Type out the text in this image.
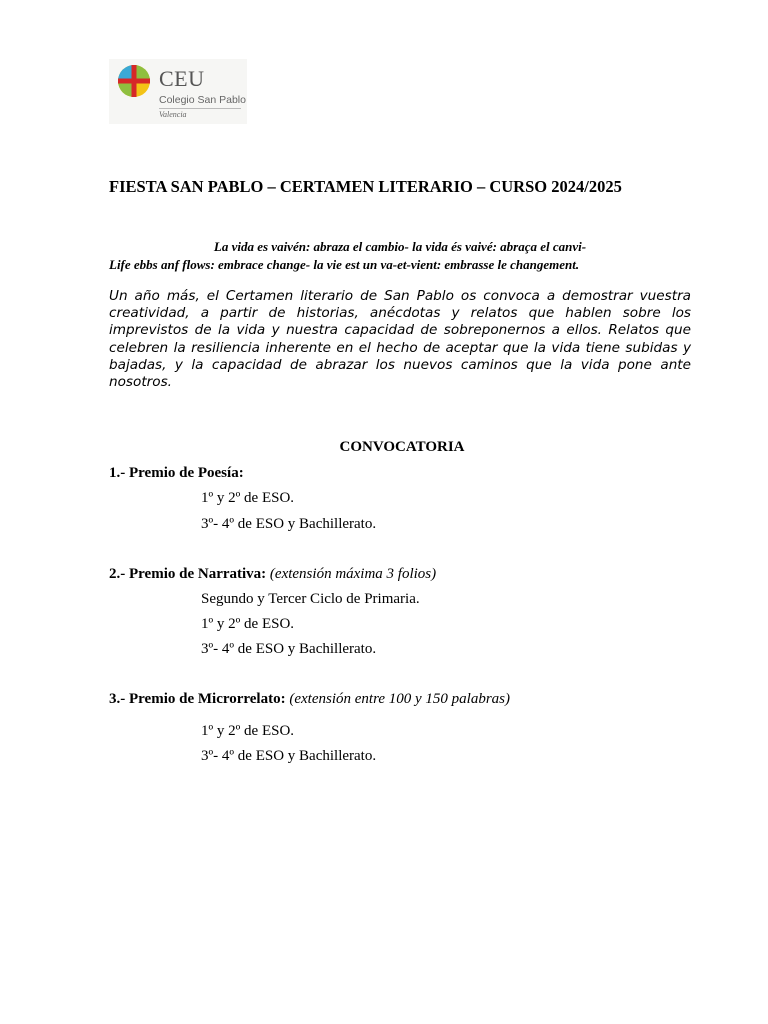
CEU
Colegio San Pablo
Valencia
FIESTA SAN PABLO – CERTAMEN LITERARIO – CURSO 2024/2025
La vida es vaivén: abraza el cambio- la vida és vaivé: abraça el canvi-
Life ebbs anf flows: embrace change- la vie est un va-et-vient: embrasse le changement.

Un año más, el Certamen literario de San Pablo os convoca a demostrar vuestra creatividad, a partir de historias, anécdotas y relatos que hablen sobre los imprevistos de la vida y nuestra capacidad de sobreponernos a ellos. Relatos que celebren la resiliencia inherente en el hecho de aceptar que la vida tiene subidas y bajadas, y la capacidad de abrazar los nuevos caminos que la vida pone ante nosotros.

CONVOCATORIA
1.- Premio de Poesía:
1º y 2º de ESO.
3º- 4º de ESO y Bachillerato.
2.- Premio de Narrativa: (extensión máxima 3 folios)
Segundo y Tercer Ciclo de Primaria.
1º y 2º de ESO.
3º- 4º de ESO y Bachillerato.
3.- Premio de Microrrelato: (extensión entre 100 y 150 palabras)
1º y 2º de ESO.
3º- 4º de ESO y Bachillerato.
